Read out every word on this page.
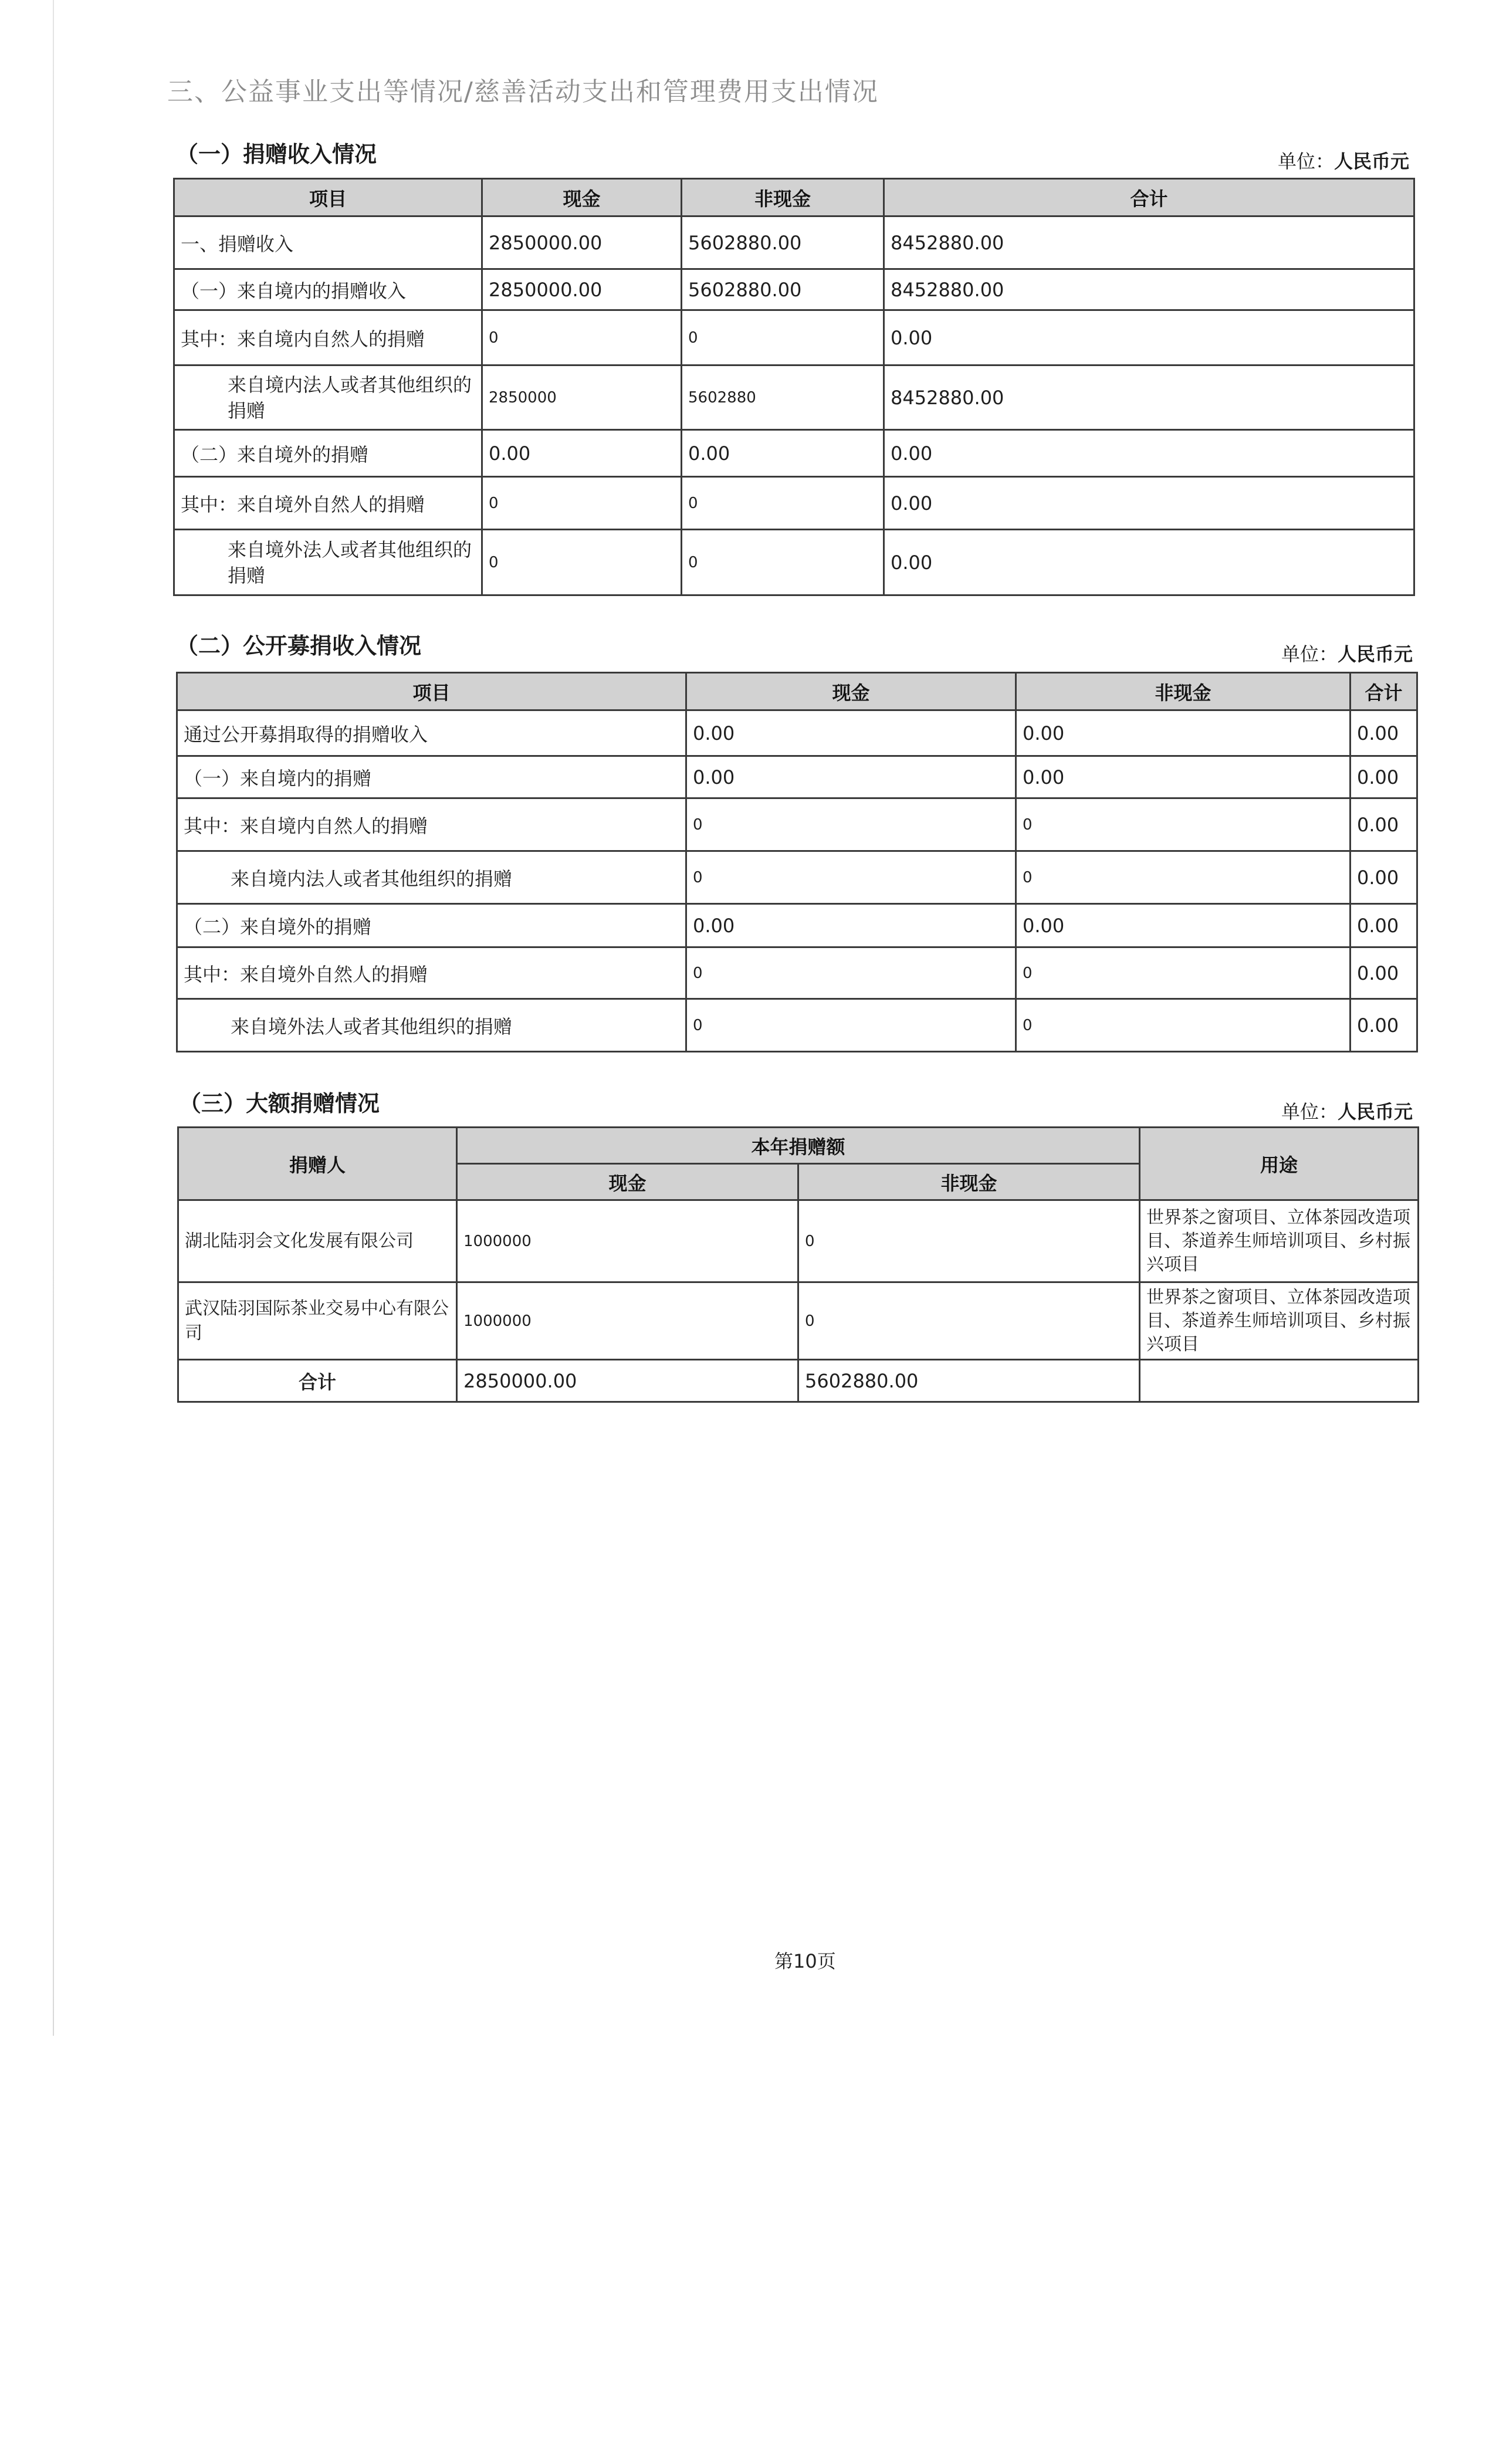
三、公益事业支出等情况/慈善活动支出和管理费用支出情况
（一）捐赠收入情况	单位：人民币元
项目	现金	非现金	合计
一、捐赠收入	2850000.00	5602880.00	8452880.00
（一）来自境内的捐赠收入	2850000.00	5602880.00	8452880.00
其中：来自境内自然人的捐赠	0	0	0.00
来自境内法人或者其他组织的捐赠	2850000	5602880	8452880.00
（二）来自境外的捐赠	0.00	0.00	0.00
其中：来自境外自然人的捐赠	0	0	0.00
来自境外法人或者其他组织的捐赠	0	0	0.00
（二）公开募捐收入情况	单位：人民币元
项目	现金	非现金	合计
通过公开募捐取得的捐赠收入	0.00	0.00	0.00
（一）来自境内的捐赠	0.00	0.00	0.00
其中：来自境内自然人的捐赠	0	0	0.00
来自境内法人或者其他组织的捐赠	0	0	0.00
（二）来自境外的捐赠	0.00	0.00	0.00
其中：来自境外自然人的捐赠	0	0	0.00
来自境外法人或者其他组织的捐赠	0	0	0.00
（三）大额捐赠情况	单位：人民币元
捐赠人	本年捐赠额		用途
	现金	非现金	
湖北陆羽会文化发展有限公司	1000000	0	世界茶之窗项目、立体茶园改造项目、茶道养生师培训项目、乡村振兴项目
武汉陆羽国际茶业交易中心有限公司	1000000	0	世界茶之窗项目、立体茶园改造项目、茶道养生师培训项目、乡村振兴项目
合计	2850000.00	5602880.00	
第10页
